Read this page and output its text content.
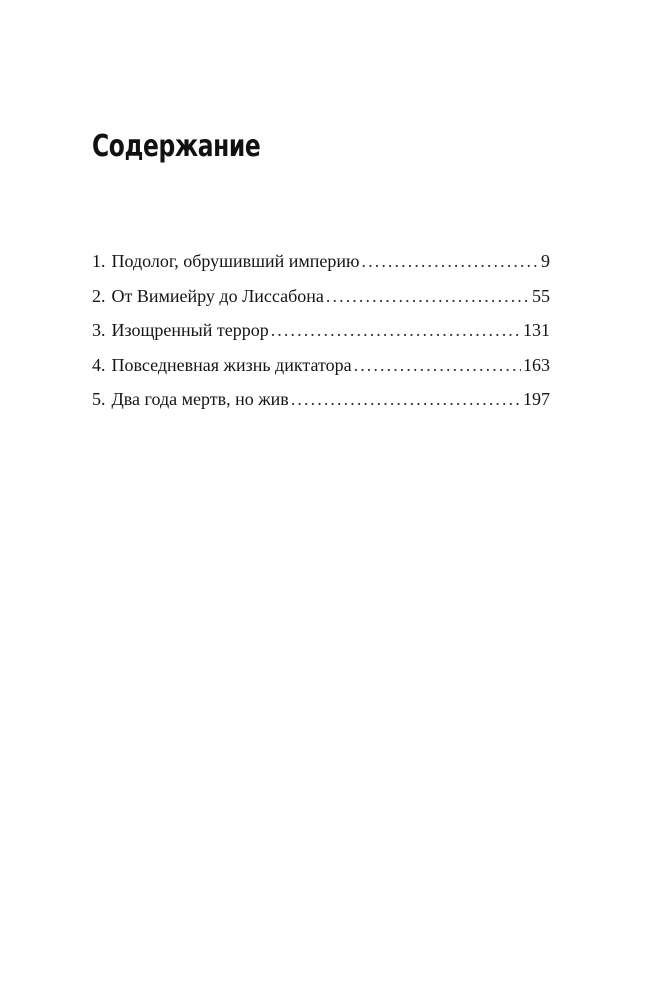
Содержание
1. Подолог, обрушивший империю . . .	9
2. От Вимиейру до Лиссабона . . .	55
3. Изощренный террор . . .	131
4. Повседневная жизнь диктатора . . .	163
5. Два года мертв, но жив . . .	197
